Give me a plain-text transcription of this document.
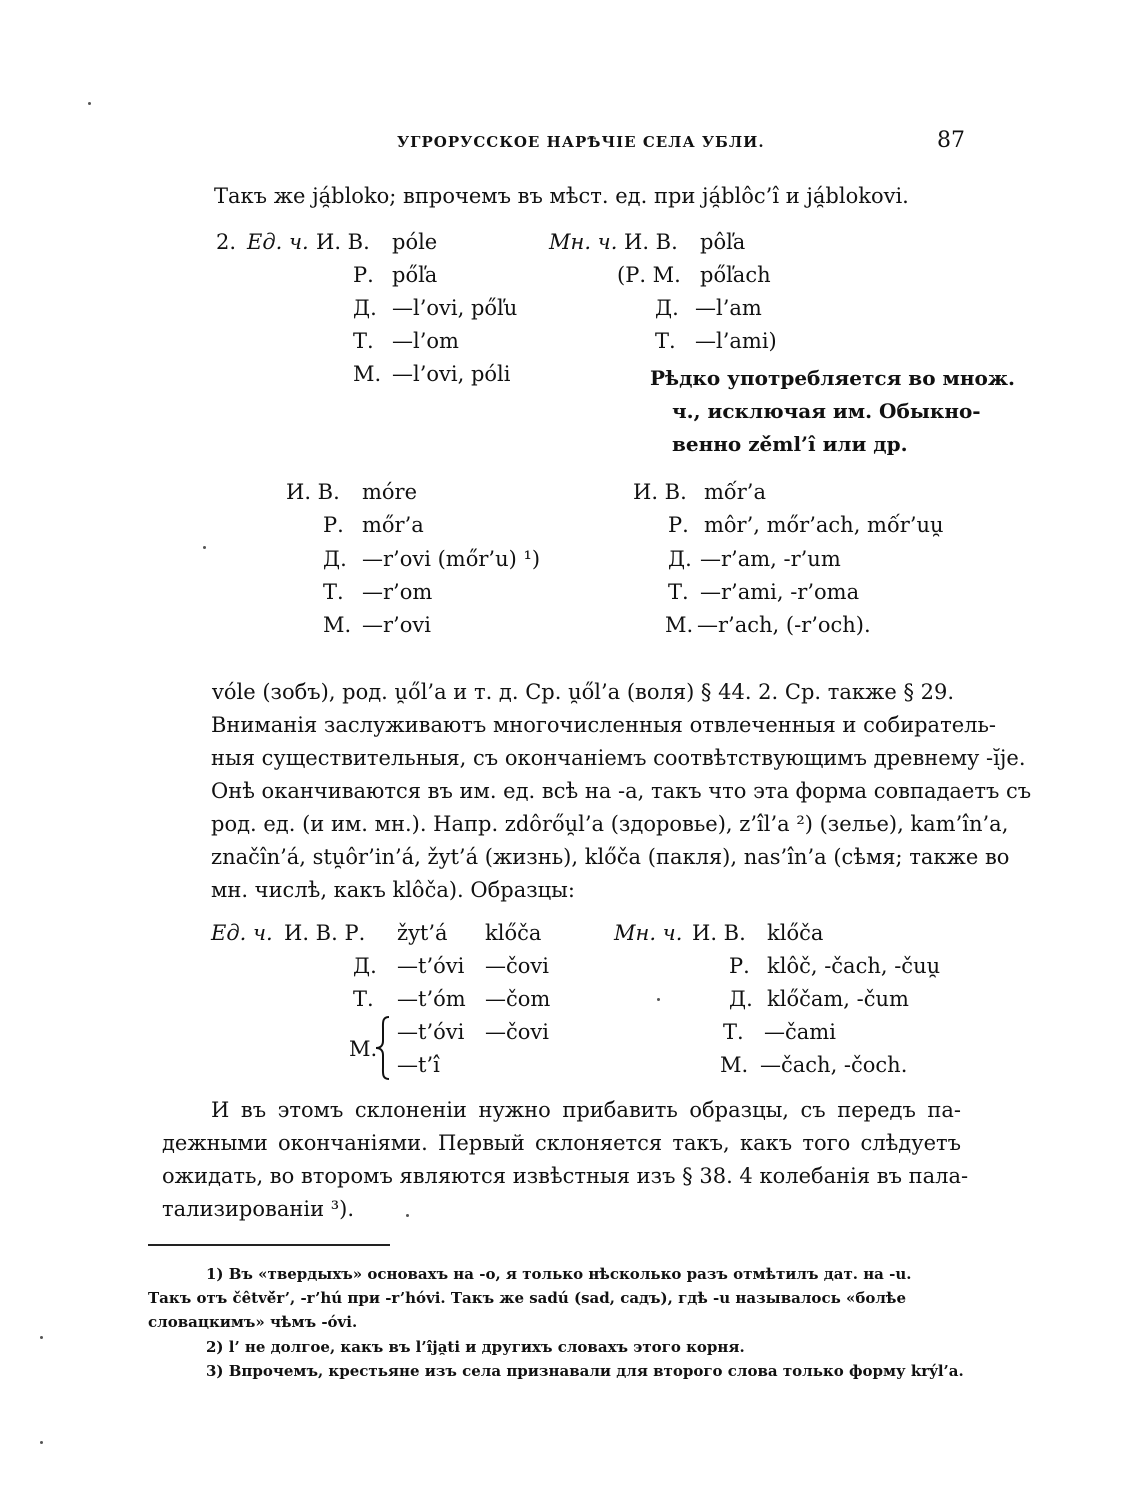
УГРОРУССКОЕ НАРѢЧІЕ СЕЛА УБЛИ.	87
Такъ же já̯bloko; впрочемъ въ мѣст. ед. при já̯blôc’î и já̯blokovi.
2. Ед. ч. И. В. póle
Р. pőľa
Д. —l’ovi, pőľu
Т. —l’om
М. —l’ovi, póli
Мн. ч. И. В. pôľa
(Р. М. pőľach
Д. —l’am
Т. —l’ami)
Рѣдко употребляется во множ.
ч., исключая им. Обыкно-
венно zě́ml’î или др.
И. В. móre
Р. mőr’a
Д. —r’ovi (mőr’u) ¹)
Т. —r’om
М. —r’ovi
И. В. mốr’a
Р. môr’, mőr’ach, mốr’uu̯
Д. —r’am, -r’um
Т. —r’ami, -r’oma
М. —r’ach, (-r’och).
vóle (зобъ), род. u̯ől’a и т. д. Ср. u̯ől’a (воля) § 44. 2. Ср. также § 29.
Вниманія заслуживаютъ многочисленныя отвлеченныя и собиратель-
ныя существительныя, съ окончаніемъ соотвѣтствующимъ древнему -ĭje.
Онѣ оканчиваются въ им. ед. всѣ на -а, такъ что эта форма совпадаетъ съ
род. ед. (и им. мн.). Напр. zdôrőu̯l’a (здоровье), z’î́l’a ²) (зелье), kam’î́n’a,
značîn’á, stu̯ôr’in’á, žyt’á (жизнь), klőča (пакля), nas’î́n’a (сѣмя; также во
мн. числѣ, какъ klôča). Образцы:
Ед. ч. И. В. Р. žyt’á klőča
Д. —t’óvi —čovi
Т. —t’óm —čom
М.
—t’óvi —čovi
—t’î́
Мн. ч. И. В. klőča
Р. klôč, -čach, -čuu̯
Д. klőčam, -čum
Т. —čami
М. —čach, -čoch.
И въ этомъ склоненіи нужно прибавить образцы, съ передъ па-
дежными окончаніями. Первый склоняется такъ, какъ того слѣдуетъ
ожидать, во второмъ являются извѣстныя изъ § 38. 4 колебанія въ пала-
тализированіи ³).
1) Въ «твердыхъ» основахъ на -о, я только нѣсколько разъ отмѣтилъ дат. на -u.
Такъ отъ čêtvě́r’, -r’hú при -r’hóvi. Такъ же sadú (sad, садъ), гдѣ -u называлось «болѣе
словацкимъ» чѣмъ -óvi.
2) l’ не долгое, какъ въ l’îja̯ti и другихъ словахъ этого корня.
3) Впрочемъ, крестьяне изъ села признавали для второго слова только форму krýl’a.
